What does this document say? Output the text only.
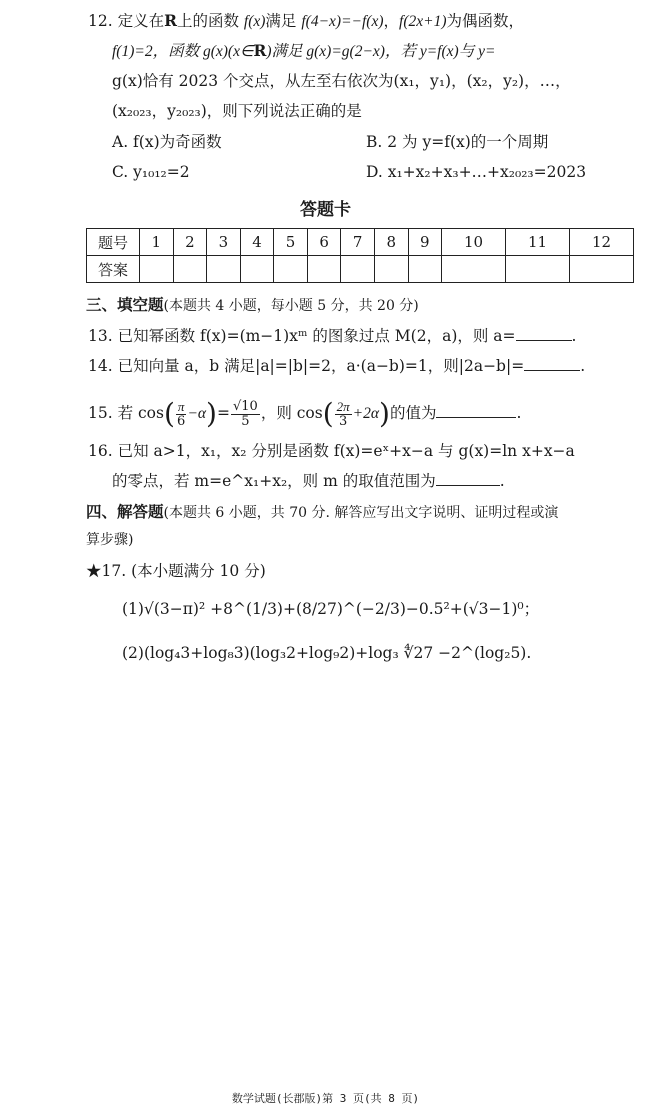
12. 定义在R上的函数 f(x)满足 f(4−x)=−f(x)，f(2x+1)为偶函数，
f(1)=2，函数 g(x)(x∈R)满足 g(x)=g(2−x)，若 y=f(x)与 y=
g(x)恰有 2023 个交点，从左至右依次为(x₁，y₁)，(x₂，y₂)，…，
(x₂₀₂₃，y₂₀₂₃)，则下列说法正确的是
A. f(x)为奇函数	B. 2 为 y=f(x)的一个周期
C. y₁₀₁₂=2	D. x₁+x₂+x₃+…+x₂₀₂₃=2023
答题卡
题号	1	2	3	4	5	6	7	8	9	10	11	12
答案												
三、填空题(本题共 4 小题，每小题 5 分，共 20 分)
13. 已知幂函数 f(x)=(m−1)xᵐ 的图象过点 M(2，a)，则 a=	.
14. 已知向量 a，b 满足|a|=|b|=2，a·(a−b)=1，则|2a−b|=	.
15. 若 $\cos( \frac{\pi}{6} -\alpha)= \frac{√10}{5}$ ，则 $\cos( \frac{2\pi}{3} +2\alpha)$的值为	.
16. 已知 a>1，x₁，x₂ 分别是函数 f(x)=eˣ+x−a 与 g(x)=ln x+x−a
的零点，若 m=e^x₁+x₂，则 m 的取值范围为	.
四、解答题(本题共 6 小题，共 70 分. 解答应写出文字说明、证明过程或演
算步骤)
★17. (本小题满分 10 分)
(1)√(3−π)² +8^(1/3)+(8/27)^(−2/3)−0.5²+(√3−1)⁰；
(2)(log₄3+log₈3)(log₃2+log₉2)+log₃ ∜27 −2^(log₂5).
数学试题(长郡版)第 3 页(共 8 页)
